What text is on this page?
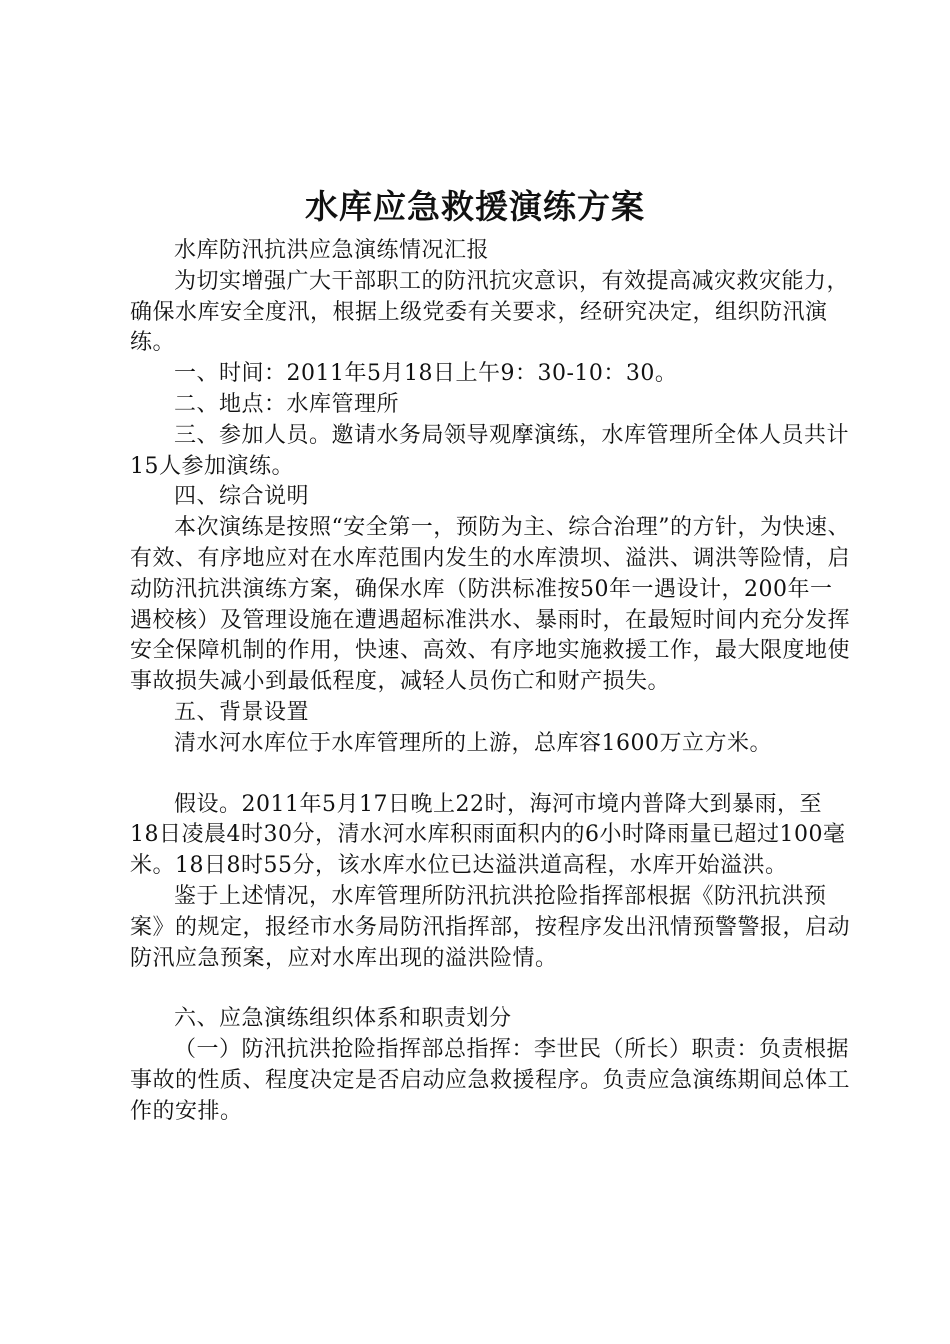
水库应急救援演练方案

水库防汛抗洪应急演练情况汇报

为切实增强广大干部职工的防汛抗灾意识，有效提高减灾救灾能力，确保水库安全度汛，根据上级党委有关要求，经研究决定，组织防汛演练。

一、时间：2011年5月18日上午9：30-10：30。

二、地点：水库管理所

三、参加人员。邀请水务局领导观摩演练，水库管理所全体人员共计15人参加演练。

四、综合说明

本次演练是按照“安全第一，预防为主、综合治理”的方针，为快速、有效、有序地应对在水库范围内发生的水库溃坝、溢洪、调洪等险情，启动防汛抗洪演练方案，确保水库（防洪标准按50年一遇设计，200年一遇校核）及管理设施在遭遇超标准洪水、暴雨时，在最短时间内充分发挥安全保障机制的作用，快速、高效、有序地实施救援工作，最大限度地使事故损失减小到最低程度，减轻人员伤亡和财产损失。

五、背景设置

清水河水库位于水库管理所的上游，总库容1600万立方米。

假设。2011年5月17日晚上22时，海河市境内普降大到暴雨，至18日凌晨4时30分，清水河水库积雨面积内的6小时降雨量已超过100毫米。18日8时55分，该水库水位已达溢洪道高程，水库开始溢洪。

鉴于上述情况，水库管理所防汛抗洪抢险指挥部根据《防汛抗洪预案》的规定，报经市水务局防汛指挥部，按程序发出汛情预警警报，启动防汛应急预案，应对水库出现的溢洪险情。

六、应急演练组织体系和职责划分

（一）防汛抗洪抢险指挥部总指挥：李世民（所长）职责：负责根据事故的性质、程度决定是否启动应急救援程序。负责应急演练期间总体工作的安排。
